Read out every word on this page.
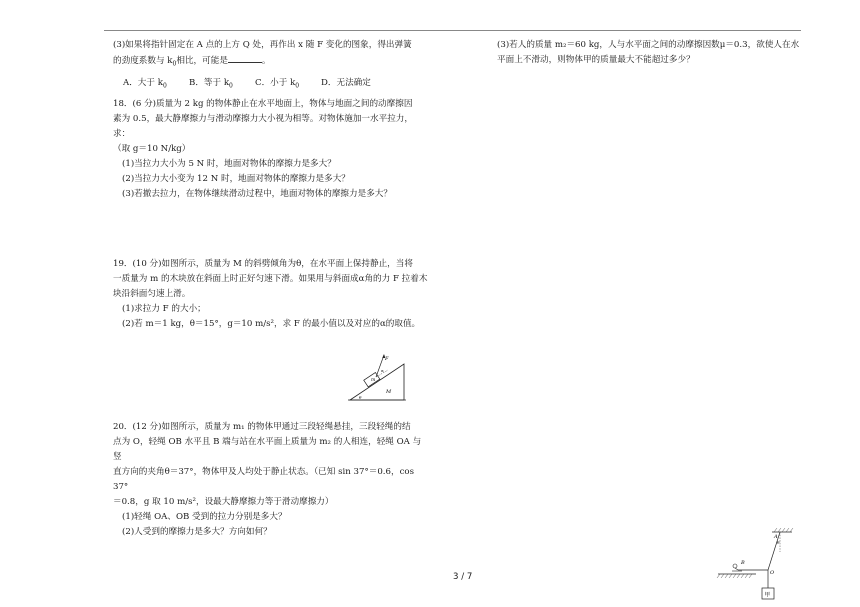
(3)如果将指针固定在 A 点的上方 Q 处，再作出 x 随 F 变化的图象，得出弹簧

的劲度系数与 $k_0$相比，可能是	。

A．大于 $k_0$	B．等于 $k_0$	C．小于 $k_0$	D．无法确定

18．(6 分)质量为 2 kg 的物体静止在水平地面上，物体与地面之间的动摩擦因

素为 0.5，最大静摩擦力与滑动摩擦力大小视为相等。对物体施加一水平拉力，求：

（取 g＝10 N/kg）

(1)当拉力大小为 5 N 时，地面对物体的摩擦力是多大？

(2)当拉力大小变为 12 N 时，地面对物体的摩擦力是多大？

(3)若撤去拉力，在物体继续滑动过程中，地面对物体的摩擦力是多大？

19．(10 分)如图所示，质量为 M 的斜劈倾角为θ，在水平面上保持静止，当将

一质量为 m 的木块放在斜面上时正好匀速下滑。如果用与斜面成α角的力 F 拉着木

块沿斜面匀速上滑。

(1)求拉力 F 的大小；

(2)若 m＝1 kg，θ＝15°，g＝10 m/s²，求 F 的最小值以及对应的α的取值。

20．(12 分)如图所示，质量为 m₁ 的物体甲通过三段轻绳悬挂，三段轻绳的结

点为 O，轻绳 OB 水平且 B 端与站在水平面上质量为 m₂ 的人相连，轻绳 OA 与竖

直方向的夹角θ＝37°，物体甲及人均处于静止状态。（已知 sin 37°＝0.6，cos 37°

＝0.8，g 取 10 m/s²，设最大静摩擦力等于滑动摩擦力）

(1)轻绳 OA、OB 受到的拉力分别是多大？

(2)人受到的摩擦力是多大？方向如何？

(3)若人的质量 m₂＝60 kg，人与水平面之间的动摩擦因数μ＝0.3，欲使人在水

平面上不滑动，则物体甲的质量最大不能超过多少？

F
α
m
M
θ
甲
A
B
O
θ
3 / 7
